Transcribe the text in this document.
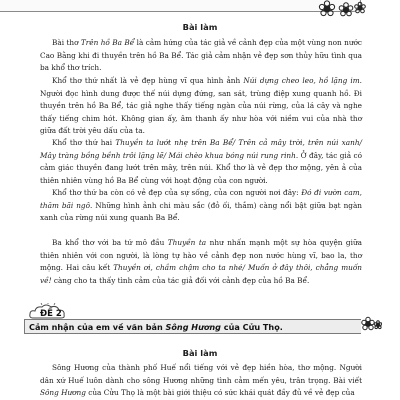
Bài làm

Bài thơ Trên hồ Ba Bể là cảm hứng của tác giả về cảnh đẹp của một vùng non nước Cao Bằng khi đi thuyền trên hồ Ba Bể. Tác giả cảm nhận vẻ đẹp sơn thủy hữu tình qua ba khổ thơ trích.

Khổ thơ thứ nhất là vẻ đẹp hùng vĩ qua hình ảnh Núi dựng cheo leo, hồ lặng im. Người đọc hình dung được thế núi dựng đứng, san sát, trùng điệp xung quanh hồ. Đi thuyền trên hồ Ba Bể, tác giả nghe thấy tiếng ngàn của núi rừng, của lá cây và nghe thấy tiếng chim hót. Không gian ấy, âm thanh ấy như hòa với niềm vui của nhà thơ giữa đất trời yêu dấu của ta.

Khổ thơ thứ hai Thuyền ta lướt nhẹ trên Ba Bể/ Trên cả mây trời, trên núi xanh/ Mây tràng bồng bềnh trôi lặng lẽ/ Mái chèo khua bóng núi rung rinh. Ở đây, tác giả có cảm giác thuyền đang lướt trên mây, trên núi. Khổ thơ là vẻ đẹp thơ mộng, yên ả của thiên nhiên vùng hồ Ba Bể cùng với hoạt động của con người.

Khổ thơ thứ ba còn có vẻ đẹp của sự sống, của con người nơi đây: Đó đi vườn cam, thăm bãi ngô. Những hình ảnh chi màu sắc (đỏ ối, thắm) càng nổi bật giữa bạt ngàn xanh của rừng núi xung quanh Ba Bể.

Ba khổ thơ với ba tứ mô đầu Thuyền ta như nhấn mạnh một sự hòa quyện giữa thiên nhiên với con người, là lòng tự hào về cảnh đẹp non nước hùng vĩ, bao la, thơ mộng. Hai câu kết Thuyền ơi, chầm chậm cho ta nhé/ Muốn ở đây thôi, chẳng muốn về! càng cho ta thấy tình cảm của tác giả đối với cảnh đẹp của hồ Ba Bể.

ĐỀ 2
Cảm nhận của em về văn bản Sông Hương của Cửu Thọ.
Bài làm

Sông Hương của thành phố Huế nổi tiếng với vẻ đẹp hiền hòa, thơ mộng. Người dân xứ Huế luôn dành cho sông Hương những tình cảm mến yêu, trân trọng. Bài viết Sông Hương của Cửu Thọ là một bài giới thiệu có sức khái quát đầy đủ về vẻ đẹp của
